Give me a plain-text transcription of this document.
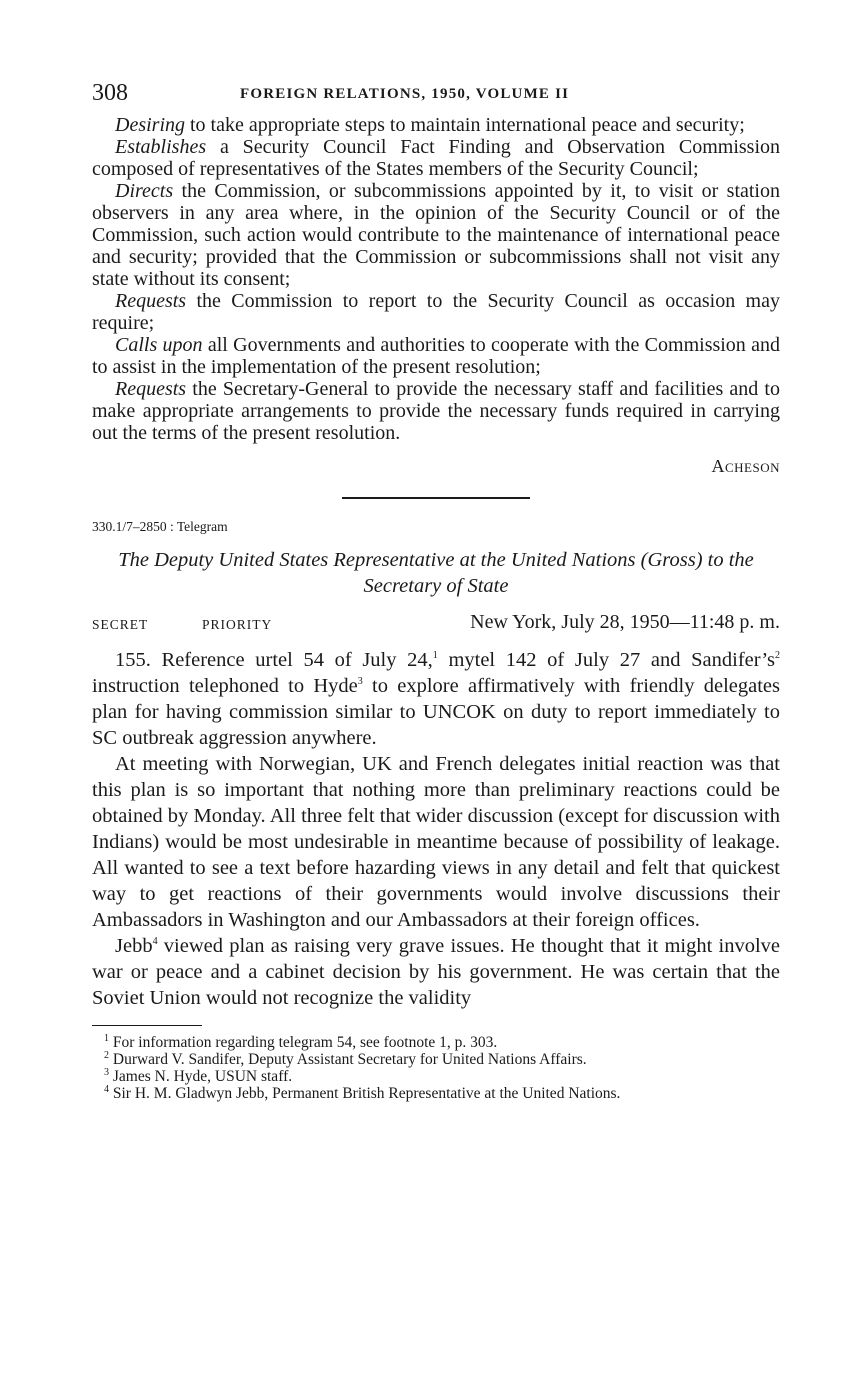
308	FOREIGN RELATIONS, 1950, VOLUME II

Desiring to take appropriate steps to maintain international peace and security;

Establishes a Security Council Fact Finding and Observation Commission composed of representatives of the States members of the Security Council;

Directs the Commission, or subcommissions appointed by it, to visit or station observers in any area where, in the opinion of the Security Council or of the Commission, such action would contribute to the maintenance of international peace and security; provided that the Commission or subcommissions shall not visit any state without its consent;

Requests the Commission to report to the Security Council as occasion may require;

Calls upon all Governments and authorities to cooperate with the Commission and to assist in the implementation of the present resolution;

Requests the Secretary-General to provide the necessary staff and facilities and to make appropriate arrangements to provide the necessary funds required in carrying out the terms of the present resolution.

Acheson
330.1/7–2850 : Telegram
The Deputy United States Representative at the United Nations (Gross) to the Secretary of State
SECRET	PRIORITY	New York, July 28, 1950—11:48 p. m.

155. Reference urtel 54 of July 24,$^1$ mytel 142 of July 27 and $Sandifer’s^2$ instruction telephoned to Hyde$^3$ to explore affirmatively with friendly delegates plan for having commission similar to UNCOK on duty to report immediately to SC outbreak aggression anywhere.

At meeting with Norwegian, UK and French delegates initial reaction was that this plan is so important that nothing more than preliminary reactions could be obtained by Monday. All three felt that wider discussion (except for discussion with Indians) would be most undesirable in meantime because of possibility of leakage. All wanted to see a text before hazarding views in any detail and felt that quickest way to get reactions of their governments would involve discussions their Ambassadors in Washington and our Ambassadors at their foreign offices.

Jebb$^4$ viewed plan as raising very grave issues. He thought that it might involve war or peace and a cabinet decision by his government. He was certain that the Soviet Union would not recognize the validity

$^1$ For information regarding telegram 54, see footnote 1, p. 303.

$^2$ Durward V. Sandifer, Deputy Assistant Secretary for United Nations Affairs.

$^3$ James N. Hyde, USUN staff.

$^4$ Sir H. M. Gladwyn Jebb, Permanent British Representative at the United Nations.
